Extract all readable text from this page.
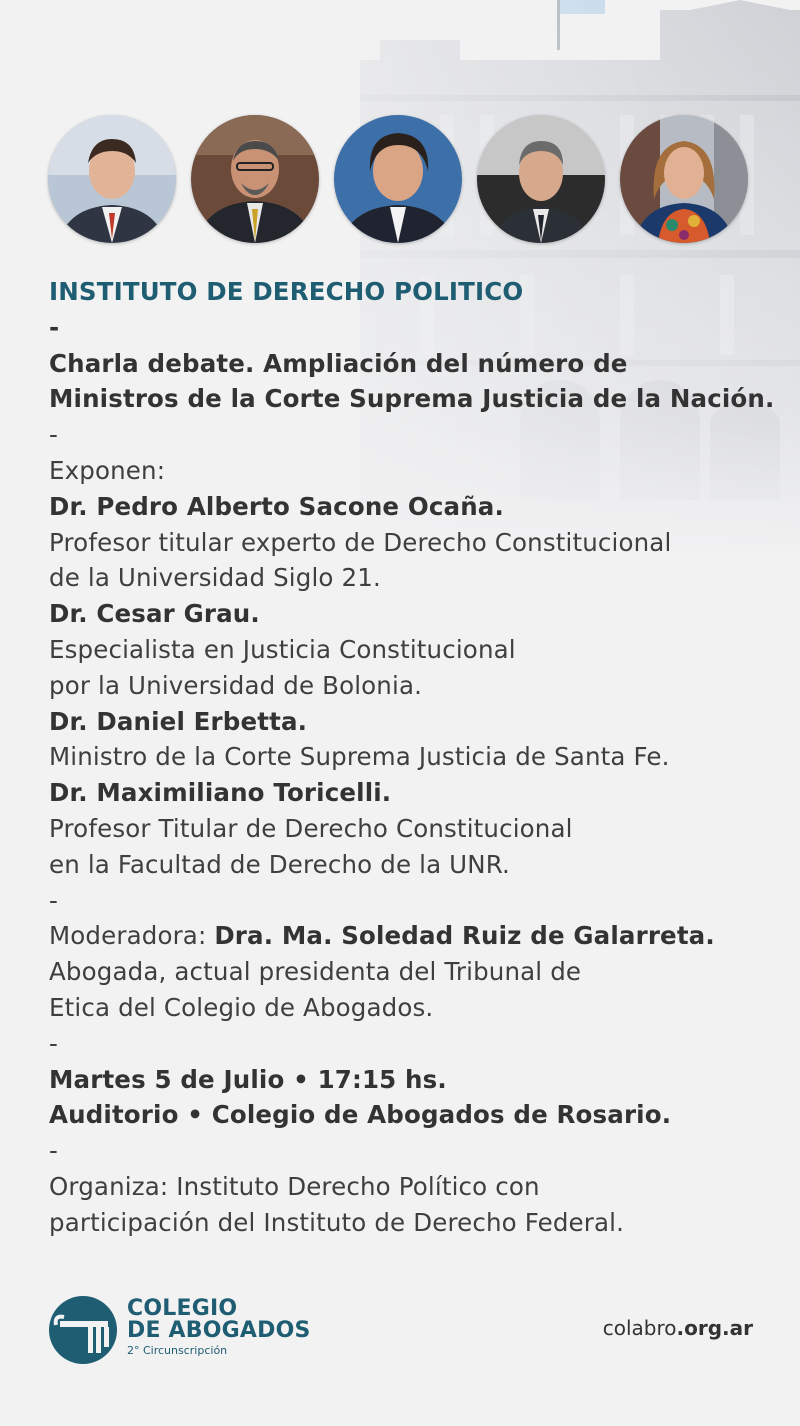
INSTITUTO DE DERECHO POLITICO

-

Charla debate. Ampliación del número de

Ministros de la Corte Suprema Justicia de la Nación.

-

Exponen:

Dr. Pedro Alberto Sacone Ocaña.

Profesor titular experto de Derecho Constitucional

de la Universidad Siglo 21.

Dr. Cesar Grau.

Especialista en Justicia Constitucional

por la Universidad de Bolonia.

Dr. Daniel Erbetta.

Ministro de la Corte Suprema Justicia de Santa Fe.

Dr. Maximiliano Toricelli.

Profesor Titular de Derecho Constitucional

en la Facultad de Derecho de la UNR.

-

Moderadora: Dra. Ma. Soledad Ruiz de Galarreta.

Abogada, actual presidenta del Tribunal de

Etica del Colegio de Abogados.

-

Martes 5 de Julio • 17:15 hs.

Auditorio • Colegio de Abogados de Rosario.

-

Organiza: Instituto Derecho Político con

participación del Instituto de Derecho Federal.

COLEGIO
DE ABOGADOS
2° Circunscripción
colabro.org.ar
